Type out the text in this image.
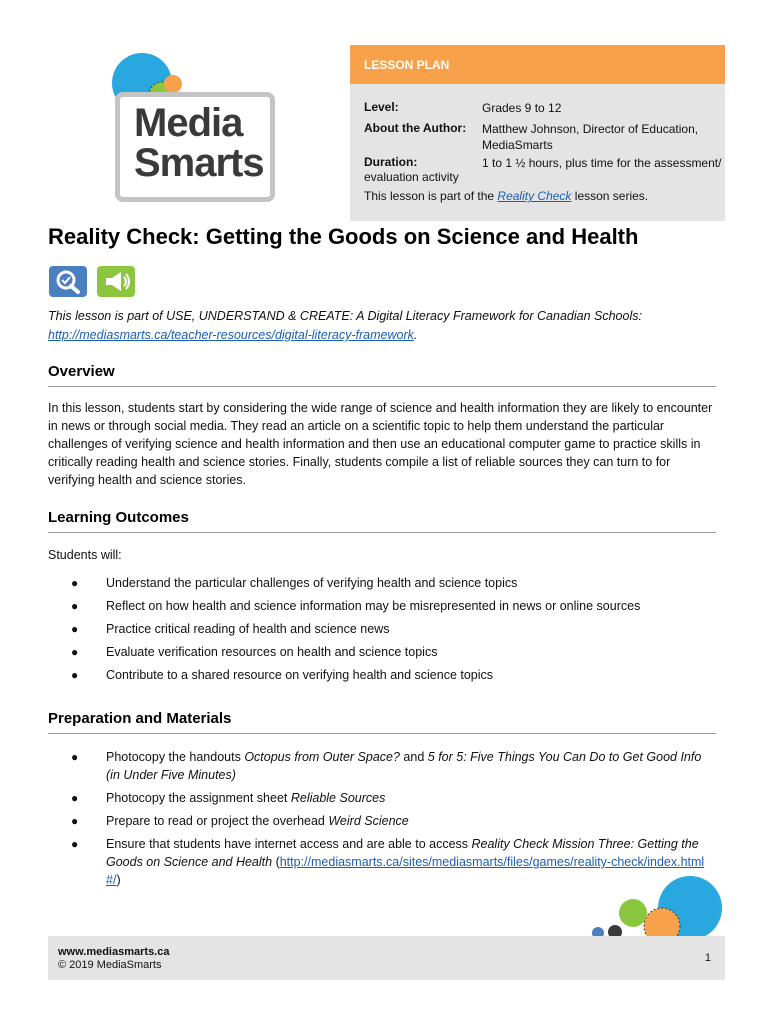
Media
Smarts
LESSON PLAN
Level:	Grades 9 to 12
About the Author: Matthew Johnson, Director of Education,
MediaSmarts
Duration:	1 to 1 ½ hours, plus time for the assessment/
evaluation activity
This lesson is part of the Reality Check lesson series.
Reality Check: Getting the Goods on Science and Health
This lesson is part of USE, UNDERSTAND & CREATE: A Digital Literacy Framework for Canadian Schools: http://mediasmarts.ca/teacher-resources/digital-literacy-framework.
Overview
In this lesson, students start by considering the wide range of science and health information they are likely to encounter in news or through social media. They read an article on a scientific topic to help them understand the particular challenges of verifying science and health information and then use an educational computer game to practice skills in critically reading health and science stories. Finally, students compile a list of reliable sources they can turn to for verifying health and science stories.
Learning Outcomes
Students will:
● Understand the particular challenges of verifying health and science topics
● Reflect on how health and science information may be misrepresented in news or online sources
● Practice critical reading of health and science news
● Evaluate verification resources on health and science topics
● Contribute to a shared resource on verifying health and science topics
Preparation and Materials
● Photocopy the handouts Octopus from Outer Space? and 5 for 5: Five Things You Can Do to Get Good Info (in Under Five Minutes)
● Photocopy the assignment sheet Reliable Sources
● Prepare to read or project the overhead Weird Science
● Ensure that students have internet access and are able to access Reality Check Mission Three: Getting the Goods on Science and Health (http://mediasmarts.ca/sites/mediasmarts/files/games/reality-check/index.html#/)
www.mediasmarts.ca
© 2019 MediaSmarts
1
